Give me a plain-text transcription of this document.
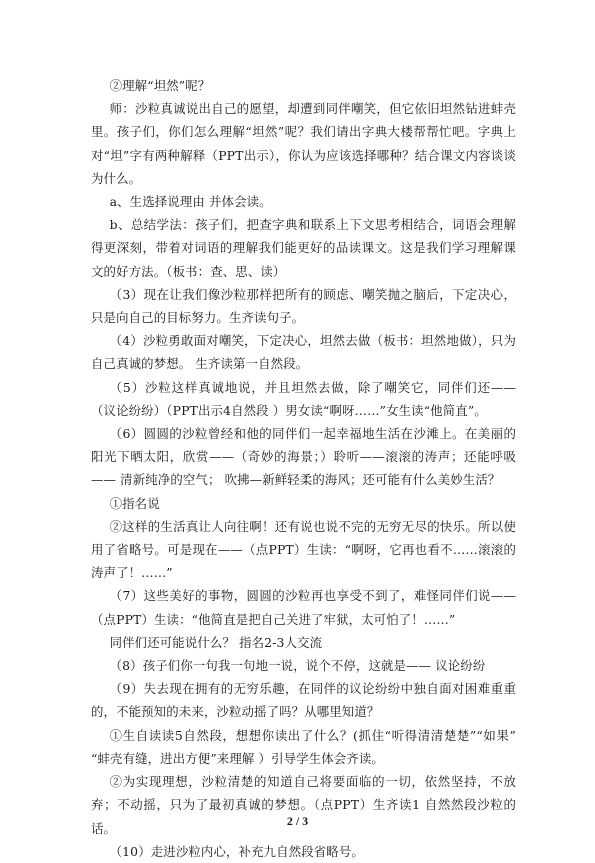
②理解“坦然”呢？

师：沙粒真诚说出自己的愿望，却遭到同伴嘲笑，但它依旧坦然钻进蚌壳里。孩子们，你们怎么理解“坦然”呢？我们请出字典大楼帮帮忙吧。字典上对“坦”字有两种解释（PPT出示），你认为应该选择哪种？结合课文内容谈谈为什么。

a、生选择说理由 并体会读。

b、总结学法：孩子们，把查字典和联系上下文思考相结合，词语会理解得更深刻，带着对词语的理解我们能更好的品读课文。这是我们学习理解课文的好方法。（板书：查、思、读）

（3）现在让我们像沙粒那样把所有的顾虑、嘲笑抛之脑后，下定决心，只是向自己的目标努力。生齐读句子。

（4）沙粒勇敢面对嘲笑，下定决心，坦然去做（板书：坦然地做），只为自己真诚的梦想。 生齐读第一自然段。

（5）沙粒这样真诚地说，并且坦然去做，除了嘲笑它，同伴们还——（议论纷纷）（PPT出示4自然段 ）男女读“啊呀……”女生读“他简直”。

（6）圆圆的沙粒曾经和他的同伴们一起幸福地生活在沙滩上。在美丽的阳光下晒太阳，欣赏——（奇妙的海景；）聆听——滚滚的涛声；还能呼吸—— 清新纯净的空气； 吹拂—新鲜轻柔的海风；还可能有什么美妙生活？

①指名说

②这样的生活真让人向往啊！还有说也说不完的无穷无尽的快乐。所以使用了省略号。可是现在——（点PPT）生读：“啊呀，它再也看不……滚滚的涛声了！……”

（7）这些美好的事物，圆圆的沙粒再也享受不到了，难怪同伴们说——（点PPT）生读：“他简直是把自己关进了牢狱，太可怕了！……”

同伴们还可能说什么？ 指名2-3人交流

（8）孩子们你一句我一句地一说，说个不停，这就是—— 议论纷纷

（9）失去现在拥有的无穷乐趣，在同伴的议论纷纷中独自面对困难重重的，不能预知的未来，沙粒动摇了吗？从哪里知道？

①生自读读5自然段，想想你读出了什么？(抓住“听得清清楚楚”“如果” “蚌壳有缝，进出方便”来理解 ）引导学生体会齐读。

②为实现理想，沙粒清楚的知道自己将要面临的一切，依然坚持，不放弃；不动摇，只为了最初真诚的梦想。（点PPT）生齐读1 自然然段沙粒的话。

（10）走进沙粒内心，补充九自然段省略号。

2 / 3
